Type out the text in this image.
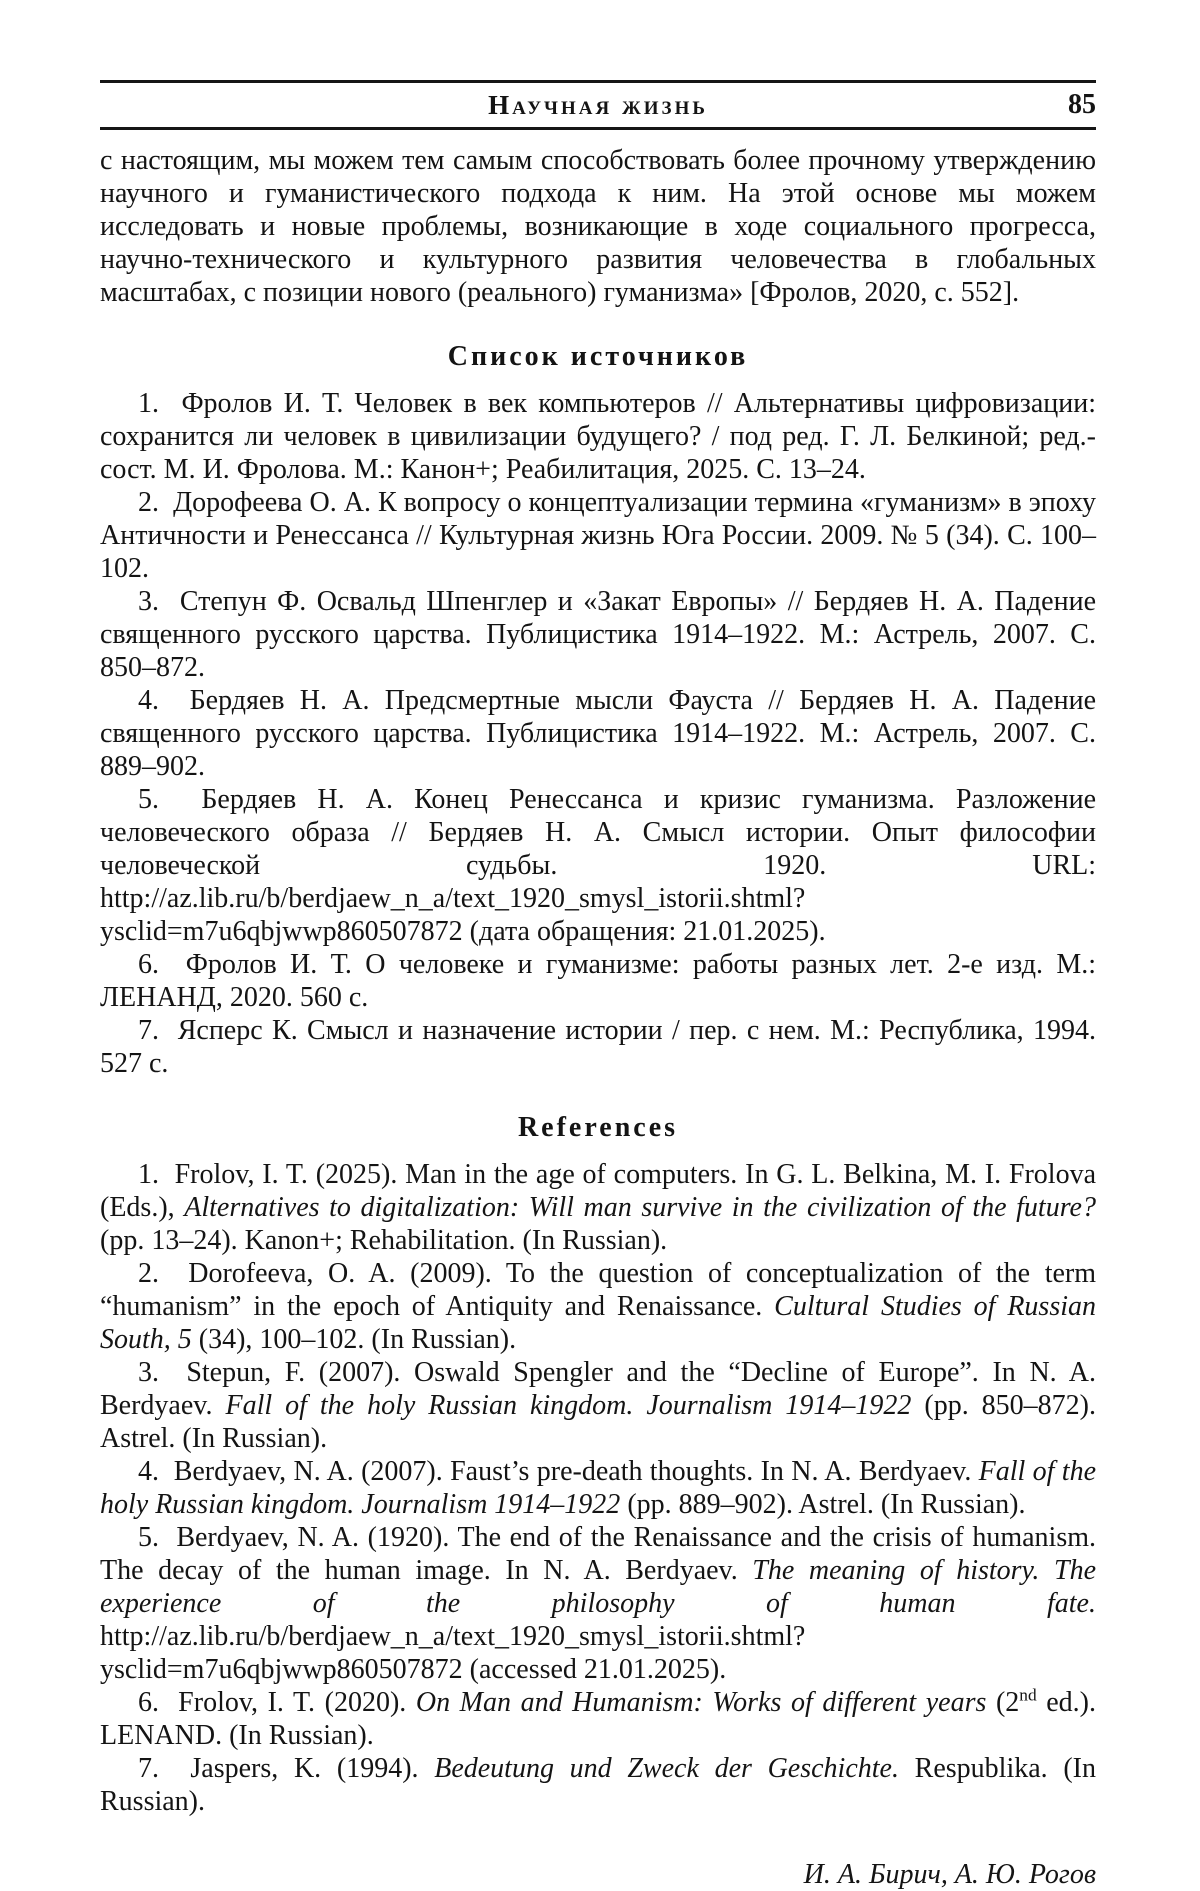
Научная жизнь	85

с настоящим, мы можем тем самым способствовать более прочному утверждению научного и гуманистического подхода к ним. На этой основе мы можем исследовать и новые проблемы, возникающие в ходе социального прогресса, научно-технического и культурного развития человечества в глобальных масштабах, с позиции нового (реального) гуманизма» [Фролов, 2020, с. 552].

Список источников

1.  Фролов И. Т. Человек в век компьютеров // Альтернативы цифровизации: сохранится ли человек в цивилизации будущего? / под ред. Г. Л. Белкиной; ред.-сост. М. И. Фролова. М.: Канон+; Реабилитация, 2025. С. 13–24.

2.  Дорофеева О. А. К вопросу о концептуализации термина «гуманизм» в эпоху Античности и Ренессанса // Культурная жизнь Юга России. 2009. № 5 (34). С. 100–102.

3.  Степун Ф. Освальд Шпенглер и «Закат Европы» // Бердяев Н. А. Падение священного русского царства. Публицистика 1914–1922. М.: Астрель, 2007. С. 850–872.

4.  Бердяев Н. А. Предсмертные мысли Фауста // Бердяев Н. А. Падение священного русского царства. Публицистика 1914–1922. М.: Астрель, 2007. С. 889–902.

5.  Бердяев Н. А. Конец Ренессанса и кризис гуманизма. Разложение человеческого образа // Бердяев Н. А. Смысл истории. Опыт философии человеческой судьбы. 1920. URL: http://az.lib.ru/b/berdjaew_n_a/text_1920_smysl_istorii.shtml?ysclid=m7u6qbjwwp860507872 (дата обращения: 21.01.2025).

6.  Фролов И. Т. О человеке и гуманизме: работы разных лет. 2-е изд. М.: ЛЕНАНД, 2020. 560 с.

7.  Ясперс К. Смысл и назначение истории / пер. с нем. М.: Республика, 1994. 527 с.

References

1.  Frolov, I. T. (2025). Man in the age of computers. In G. L. Belkina, M. I. Frolova (Eds.), Alternatives to digitalization: Will man survive in the civilization of the future? (pp. 13–24). Kanon+; Rehabilitation. (In Russian).

2.  Dorofeeva, O. A. (2009). To the question of conceptualization of the term “humanism” in the epoch of Antiquity and Renaissance. Cultural Studies of Russian South, 5 (34), 100–102. (In Russian).

3.  Stepun, F. (2007). Oswald Spengler and the “Decline of Europe”. In N. A. Berdyaev. Fall of the holy Russian kingdom. Journalism 1914–1922 (pp. 850–872). Astrel. (In Russian).

4.  Berdyaev, N. A. (2007). Faust’s pre-death thoughts. In N. A. Berdyaev. Fall of the holy Russian kingdom. Journalism 1914–1922 (pp. 889–902). Astrel. (In Russian).

5.  Berdyaev, N. A. (1920). The end of the Renaissance and the crisis of humanism. The decay of the human image. In N. A. Berdyaev. The meaning of history. The experience of the philosophy of human fate. http://az.lib.ru/b/berdjaew_n_a/text_1920_smysl_istorii.shtml?ysclid=m7u6qbjwwp860507872 (accessed 21.01.2025).

6.  Frolov, I. T. (2020). On Man and Humanism: Works of different years (2nd ed.). LENAND. (In Russian).

7.  Jaspers, K. (1994). Bedeutung und Zweck der Geschichte. Respublika. (In Russian).

И. А. Бирич, А. Ю. Рогов
